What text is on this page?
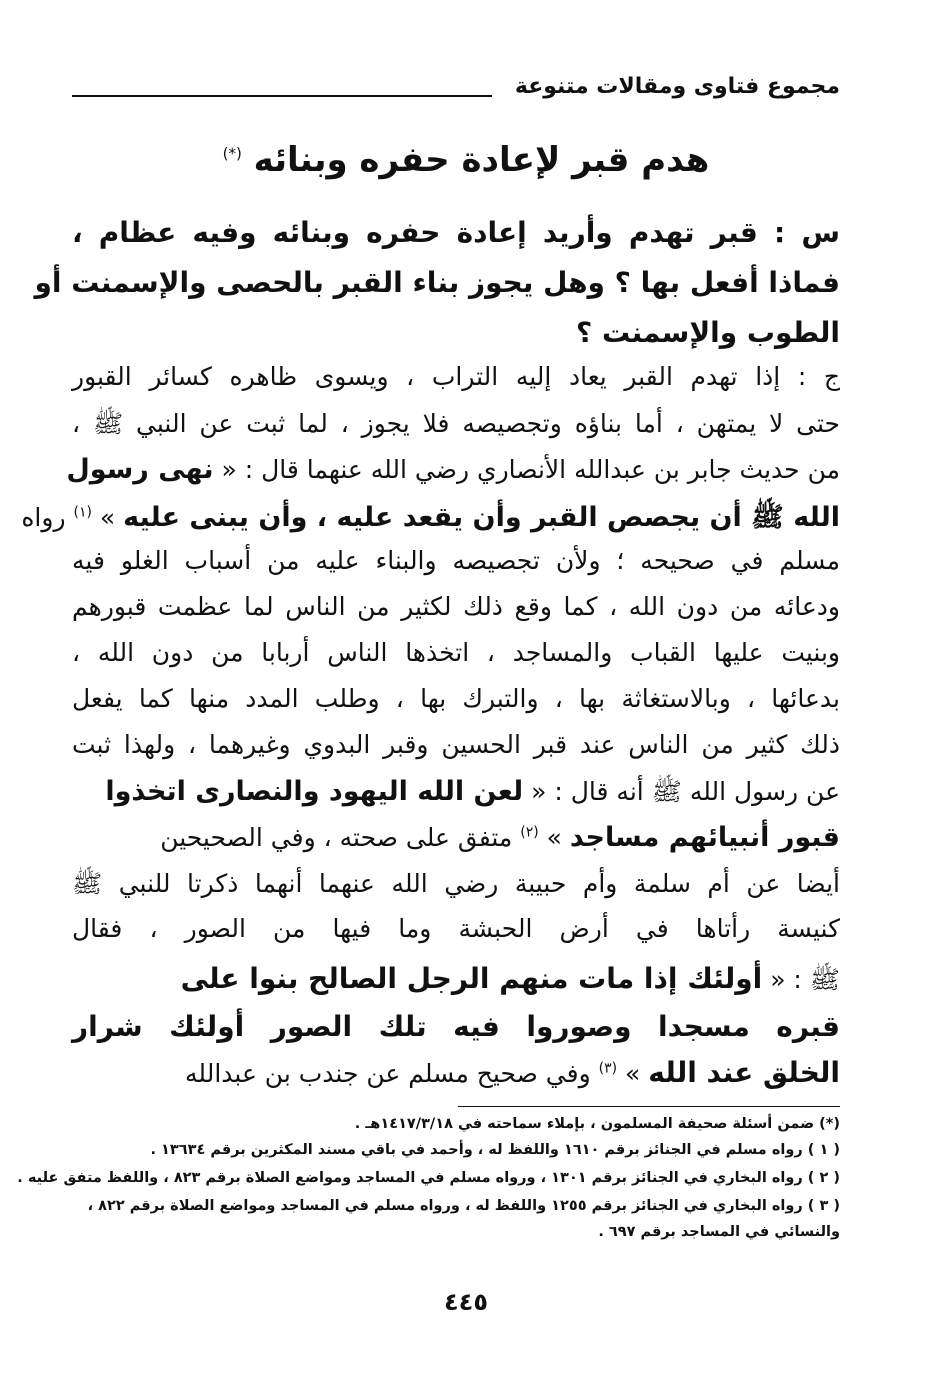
مجموع فتاوى ومقالات متنوعة
هدم قبر لإعادة حفره وبنائه (*)
س : قبر تهدم وأريد إعادة حفره وبنائه وفيه عظام ،
فماذا أفعل بها ؟ وهل يجوز بناء القبر بالحصى والإسمنت أو
الطوب والإسمنت ؟
ج : إذا تهدم القبر يعاد إليه التراب ، ويسوى ظاهره كسائر القبور
حتى لا يمتهن ، أما بناؤه وتجصيصه فلا يجوز ، لما ثبت عن النبي ﷺ ،
من حديث جابر بن عبدالله الأنصاري رضي الله عنهما قال : « نهى رسول
الله ﷺ أن يجصص القبر وأن يقعد عليه ، وأن يبنى عليه » $^{(١)}$ رواه
مسلم في صحيحه ؛ ولأن تجصيصه والبناء عليه من أسباب الغلو فيه
ودعائه من دون الله ، كما وقع ذلك لكثير من الناس لما عظمت قبورهم
وبنيت عليها القباب والمساجد ، اتخذها الناس أربابا من دون الله ،
بدعائها ، وبالاستغاثة بها ، والتبرك بها ، وطلب المدد منها كما يفعل
ذلك كثير من الناس عند قبر الحسين وقبر البدوي وغيرهما ، ولهذا ثبت
عن رسول الله ﷺ أنه قال : « لعن الله اليهود والنصارى اتخذوا
قبور أنبيائهم مساجد » $^{(٢)}$ متفق على صحته ، وفي الصحيحين
أيضا عن أم سلمة وأم حبيبة رضي الله عنهما أنهما ذكرتا للنبي ﷺ
كنيسة رأتاها في أرض الحبشة وما فيها من الصور ، فقال
ﷺ : « أولئك إذا مات منهم الرجل الصالح بنوا على
قبره مسجدا وصوروا فيه تلك الصور أولئك شرار
الخلق عند الله » $^{(٣)}$ وفي صحيح مسلم عن جندب بن عبدالله
(*) ضمن أسئلة صحيفة المسلمون ، بإملاء سماحته في ١٤١٧/٣/١٨هـ .
( ١ ) رواه مسلم في الجنائز برقم ١٦١٠ واللفظ له ، وأحمد في باقي مسند المكثرين برقم ١٣٦٣٤ .
( ٢ ) رواه البخاري في الجنائز برقم ١٣٠١ ، ورواه مسلم في المساجد ومواضع الصلاة برقم ٨٢٣ ، واللفظ متفق عليه .
( ٣ ) رواه البخاري في الجنائز برقم ١٢٥٥ واللفظ له ، ورواه مسلم في المساجد ومواضع الصلاة برقم ٨٢٢ ،
والنسائي في المساجد برقم ٦٩٧ .
٤٤٥
